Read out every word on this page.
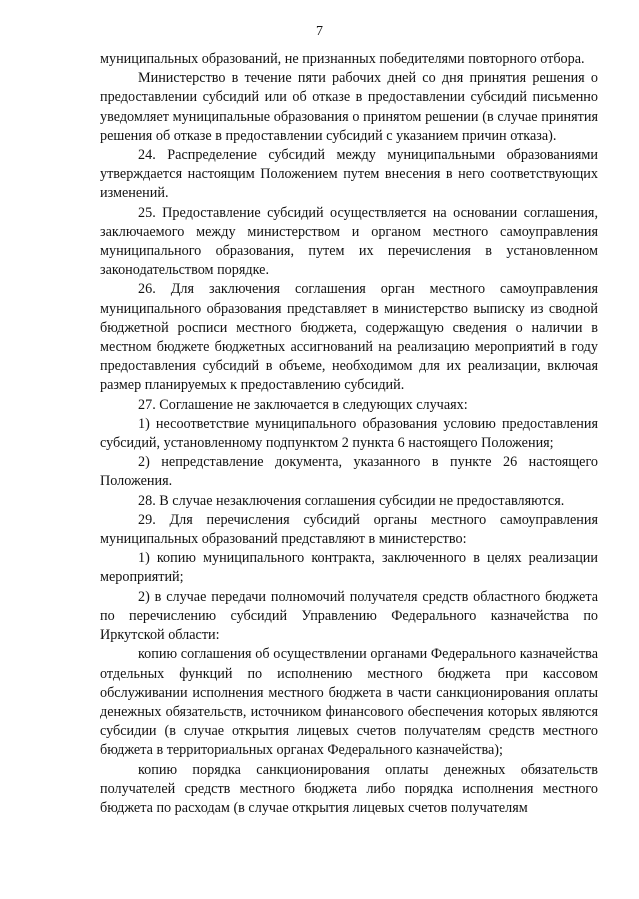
7

муниципальных образований, не признанных победителями повторного отбора.

Министерство в течение пяти рабочих дней со дня принятия решения о предоставлении субсидий или об отказе в предоставлении субсидий письменно уведомляет муниципальные образования о принятом решении (в случае принятия решения об отказе в предоставлении субсидий с указанием причин отказа).

24. Распределение субсидий между муниципальными образованиями утверждается настоящим Положением путем внесения в него соответствующих изменений.

25. Предоставление субсидий осуществляется на основании соглашения, заключаемого между министерством и органом местного самоуправления муниципального образования, путем их перечисления в установленном законодательством порядке.

26. Для заключения соглашения орган местного самоуправления муниципального образования представляет в министерство выписку из сводной бюджетной росписи местного бюджета, содержащую сведения о наличии в местном бюджете бюджетных ассигнований на реализацию мероприятий в году предоставления субсидий в объеме, необходимом для их реализации, включая размер планируемых к предоставлению субсидий.

27. Соглашение не заключается в следующих случаях:

1) несоответствие муниципального образования условию предоставления субсидий, установленному подпунктом 2 пункта 6 настоящего Положения;

2) непредставление документа, указанного в пункте 26 настоящего Положения.

28. В случае незаключения соглашения субсидии не предоставляются.

29. Для перечисления субсидий органы местного самоуправления муниципальных образований представляют в министерство:

1) копию муниципального контракта, заключенного в целях реализации мероприятий;

2) в случае передачи полномочий получателя средств областного бюджета по перечислению субсидий Управлению Федерального казначейства по Иркутской области:

копию соглашения об осуществлении органами Федерального казначейства отдельных функций по исполнению местного бюджета при кассовом обслуживании исполнения местного бюджета в части санкционирования оплаты денежных обязательств, источником финансового обеспечения которых являются субсидии (в случае открытия лицевых счетов получателям средств местного бюджета в территориальных органах Федерального казначейства);

копию порядка санкционирования оплаты денежных обязательств получателей средств местного бюджета либо порядка исполнения местного бюджета по расходам (в случае открытия лицевых счетов получателям
